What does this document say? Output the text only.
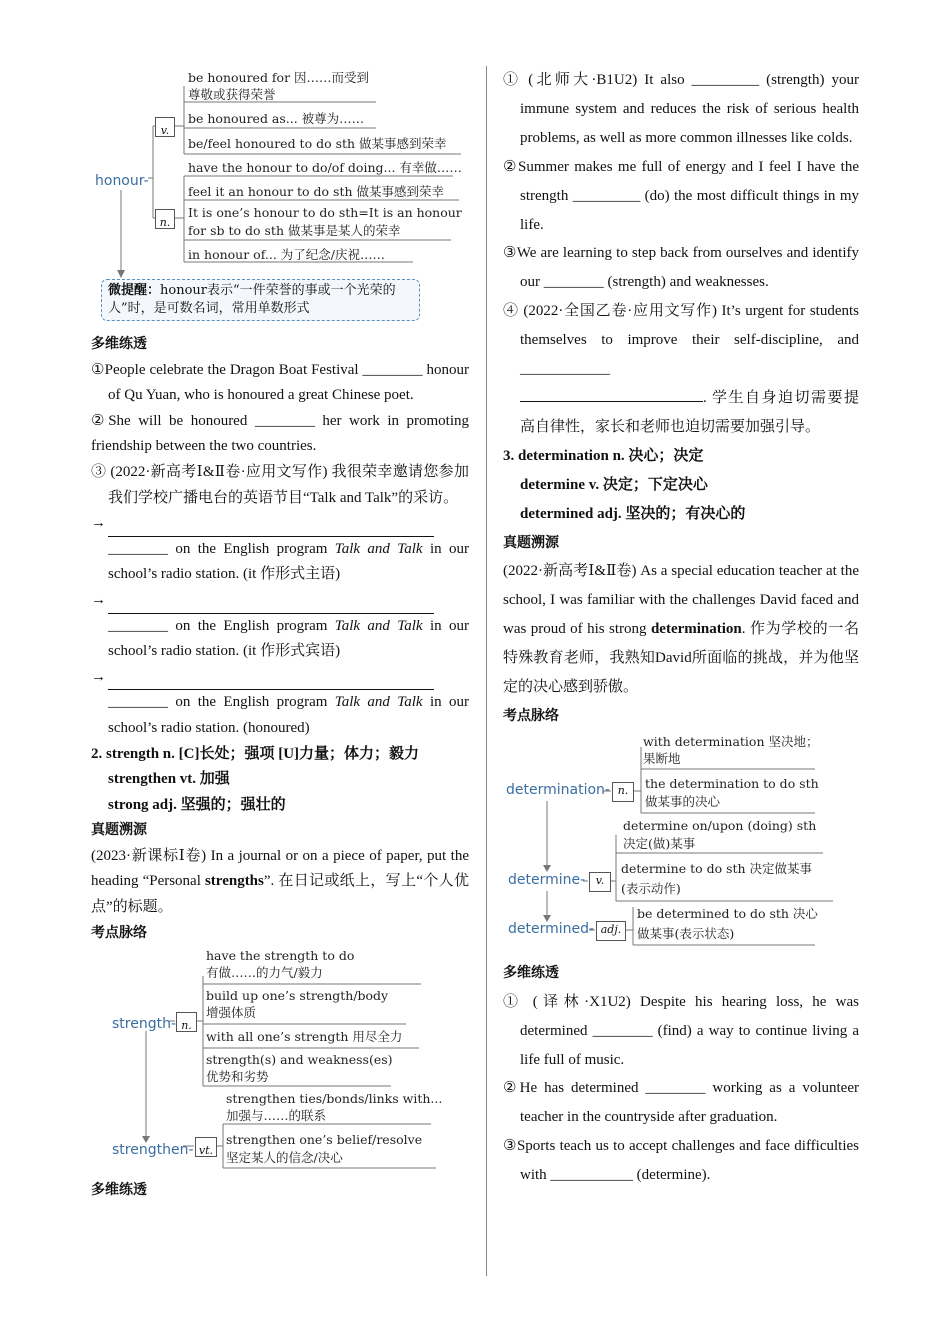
honour-
v.
n.
be honoured for 因……而受到
尊敬或获得荣誉
be honoured as... 被尊为……
be/feel honoured to do sth 做某事感到荣幸
have the honour to do/of doing... 有幸做……
feel it an honour to do sth 做某事感到荣幸
It is one’s honour to do sth=It is an honour
for sb to do sth 做某事是某人的荣幸
in honour of... 为了纪念/庆祝……
微提醒：honour表示“一件荣誉的事或一个光荣的人”时，是可数名词，常用单数形式

多维练透

①People celebrate the Dragon Boat Festival ________ honour of Qu Yuan, who is honoured a great Chinese poet.

②She will be honoured ________ her work in promoting friendship between the two countries.

③ (2022·新高考Ⅰ&Ⅱ卷·应用文写作) 我很荣幸邀请您参加我们学校广播电台的英语节目“Talk and Talk”的采访。

→

________ on the English program Talk and Talk in our school’s radio station. (it 作形式主语)

→

________ on the English program Talk and Talk in our school’s radio station. (it 作形式宾语)

→

________ on the English program Talk and Talk in our school’s radio station. (honoured)

2. strength n. [C]长处；强项 [U]力量；体力；毅力

strengthen vt. 加强

strong adj. 坚强的；强壮的

真题溯源

(2023·新课标Ⅰ卷) In a journal or on a piece of paper, put the heading “Personal strengths”. 在日记或纸上，写上“个人优点”的标题。

考点脉络

strength-
strengthen-
n.
vt.
have the strength to do
有做……的力气/毅力
build up one’s strength/body
增强体质
with all one’s strength 用尽全力
strength(s) and weakness(es)
优势和劣势
strengthen ties/bonds/links with...
加强与……的联系
strengthen one’s belief/resolve
坚定某人的信念/决心

多维练透

① (北师大·B1U2) It also _________ (strength) your immune system and reduces the risk of serious health problems, as well as more common illnesses like colds.

②Summer makes me full of energy and I feel I have the strength _________ (do) the most difficult things in my life.

③We are learning to step back from ourselves and identify our ________ (strength) and weaknesses.

④ (2022·全国乙卷·应用文写作) It’s urgent for students themselves to improve their self-discipline, and ____________

. 学生自身迫切需要提高自律性，家长和老师也迫切需要加强引导。

3. determination n. 决心；决定

determine v. 决定；下定决心

determined adj. 坚决的；有决心的

真题溯源

(2022·新高考Ⅰ&Ⅱ卷) As a special education teacher at the school, I was familiar with the challenges David faced and was proud of his strong determination. 作为学校的一名特殊教育老师，我熟知David所面临的挑战，并为他坚定的决心感到骄傲。

考点脉络

determination-
determine-
determined-
n.
v.
adj.
with determination 坚决地；
果断地
the determination to do sth
做某事的决心
determine on/upon (doing) sth
决定(做)某事
determine to do sth 决定做某事
(表示动作)
be determined to do sth 决心
做某事(表示状态)

多维练透

① (译林·X1U2) Despite his hearing loss, he was determined ________ (find) a way to continue living a life full of music.

②He has determined ________ working as a volunteer teacher in the countryside after graduation.

③Sports teach us to accept challenges and face difficulties with ___________ (determine).
